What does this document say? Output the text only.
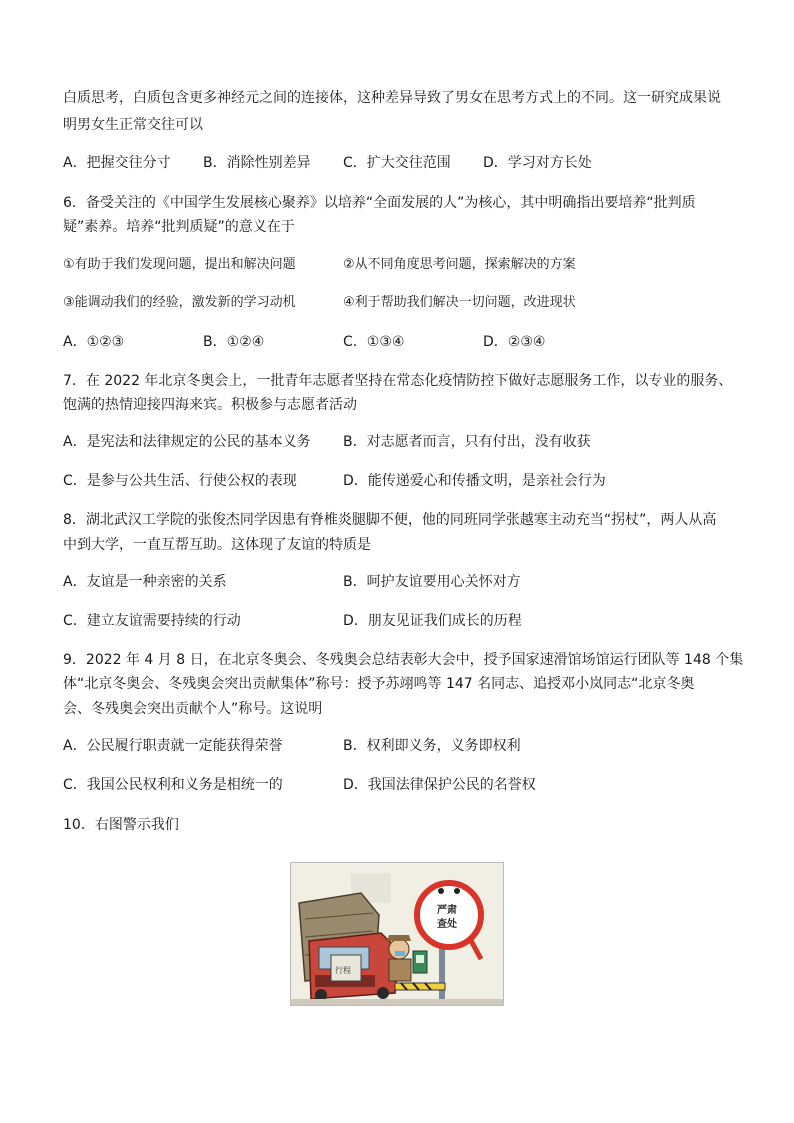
白质思考，白质包含更多神经元之间的连接体，这种差异导致了男女在思考方式上的不同。这一研究成果说
明男女生正常交往可以
A．把握交往分寸 B．消除性别差异 C．扩大交往范围 D．学习对方长处
6．备受关注的《中国学生发展核心聚养》以培养“全面发展的人”为核心，其中明确指出要培养“批判质
疑”素养。培养“批判质疑”的意义在于
①有助于我们发现问题，提出和解决问题	②从不同角度思考问题，探索解决的方案
③能调动我们的经验，激发新的学习动机	④利于帮助我们解决一切问题，改进现状
A．①②③	B．①②④	C．①③④	D．②③④
7．在 2022 年北京冬奥会上，一批青年志愿者坚持在常态化疫情防控下做好志愿服务工作，以专业的服务、
饱满的热情迎接四海来宾。积极参与志愿者活动
A．是宪法和法律规定的公民的基本义务 B．对志愿者而言，只有付出，没有收获
C．是参与公共生活、行使公权的表现	D．能传递爱心和传播文明，是亲社会行为
8．湖北武汉工学院的张俊杰同学因患有脊椎炎腿脚不便，他的同班同学张越寒主动充当“拐杖”，两人从高
中到大学，一直互帮互助。这体现了友谊的特质是
A．友谊是一种亲密的关系	B．呵护友谊要用心关怀对方
C．建立友谊需要持续的行动	D．朋友见证我们成长的历程
9．2022 年 4 月 8 日，在北京冬奥会、冬残奥会总结表彰大会中，授予国家速滑馆场馆运行团队等 148 个集
体“北京冬奥会、冬残奥会突出贡献集体”称号：授予苏翊鸣等 147 名同志、追授邓小岚同志“北京冬奥
会、冬残奥会突出贡献个人”称号。这说明
A．公民履行职责就一定能获得荣誉	B．权利即义务，义务即权利
C．我国公民权利和义务是相统一的	D．我国法律保护公民的名誉权
10．右图警示我们
行程
严肃
查处
